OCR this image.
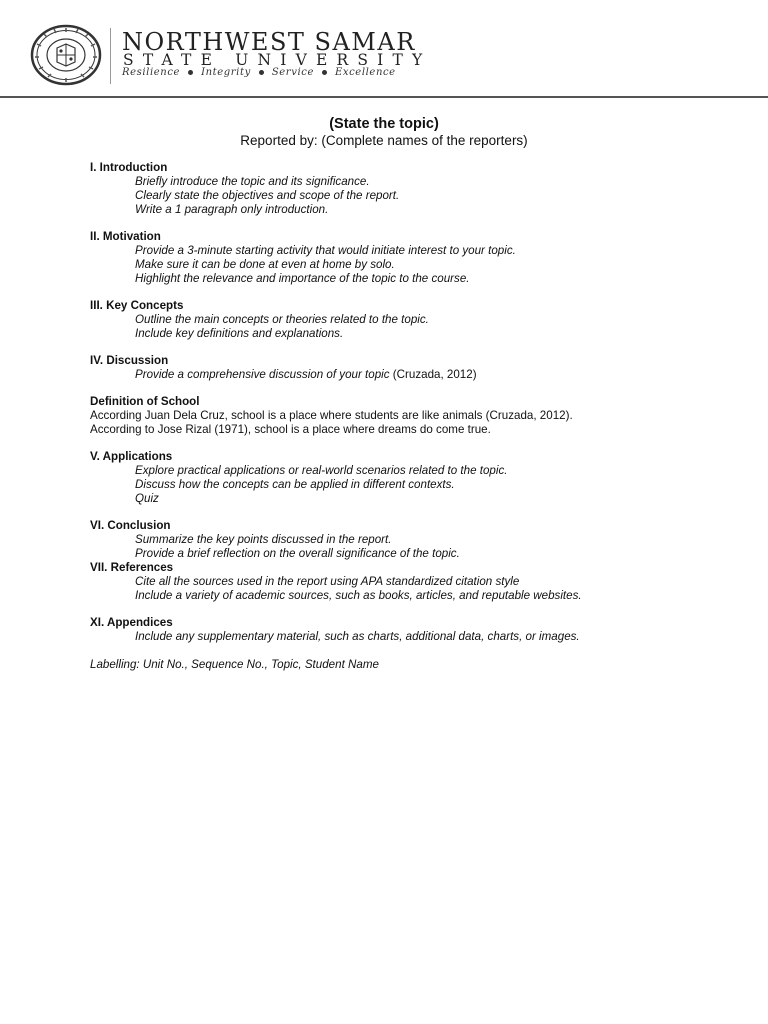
NORTHWEST SAMAR
STATE UNIVERSITY
Resilience Integrity Service Excellence
(State the topic)
Reported by: (Complete names of the reporters)
I. Introduction
Briefly introduce the topic and its significance.
Clearly state the objectives and scope of the report.
Write a 1 paragraph only introduction.
II. Motivation
Provide a 3-minute starting activity that would initiate interest to your topic.
Make sure it can be done at even at home by solo.
Highlight the relevance and importance of the topic to the course.
III. Key Concepts
Outline the main concepts or theories related to the topic.
Include key definitions and explanations.
IV. Discussion
Provide a comprehensive discussion of your topic (Cruzada, 2012)
Definition of School
According Juan Dela Cruz, school is a place where students are like animals (Cruzada, 2012).
According to Jose Rizal (1971), school is a place where dreams do come true.
V. Applications
Explore practical applications or real-world scenarios related to the topic.
Discuss how the concepts can be applied in different contexts.
Quiz
VI. Conclusion
Summarize the key points discussed in the report.
Provide a brief reflection on the overall significance of the topic.
VII. References
Cite all the sources used in the report using APA standardized citation style
Include a variety of academic sources, such as books, articles, and reputable websites.
XI. Appendices
Include any supplementary material, such as charts, additional data, charts, or images.
Labelling: Unit No., Sequence No., Topic, Student Name
